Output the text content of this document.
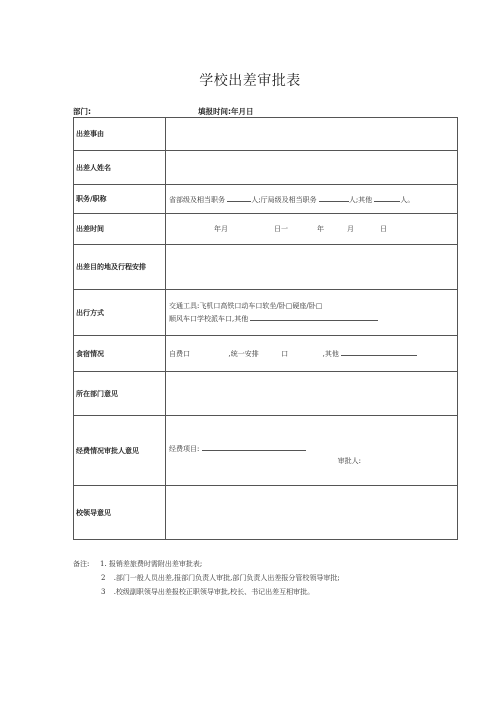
学校出差审批表
部门:	填报时间:年月日
出差事由	
出差人姓名	
职务/职称	省部级及相当职务 人;厅局级及相当职务 人;其他 人。

出差时间	年月 日一 年 月 日

出差目的地及行程安排	
出行方式	交通工具:飞机口高铁口动车口软坐/卧□硬座/卧□
顺风车口学校派车口,其他

食宿情况	自费口 ,统一安排 口 ,其他

所在部门意见	
经费情况审批人意见	经费项目:
审批人:

校领导意见	
备注: 1. 报销差旅费时需附出差审批表;
2 .部门一般人员出差,报部门负责人审批,部门负责人出差报分管校领导审批;
3 .校级副职领导出差报校正职领导审批,校长、书记出差互相审批。
